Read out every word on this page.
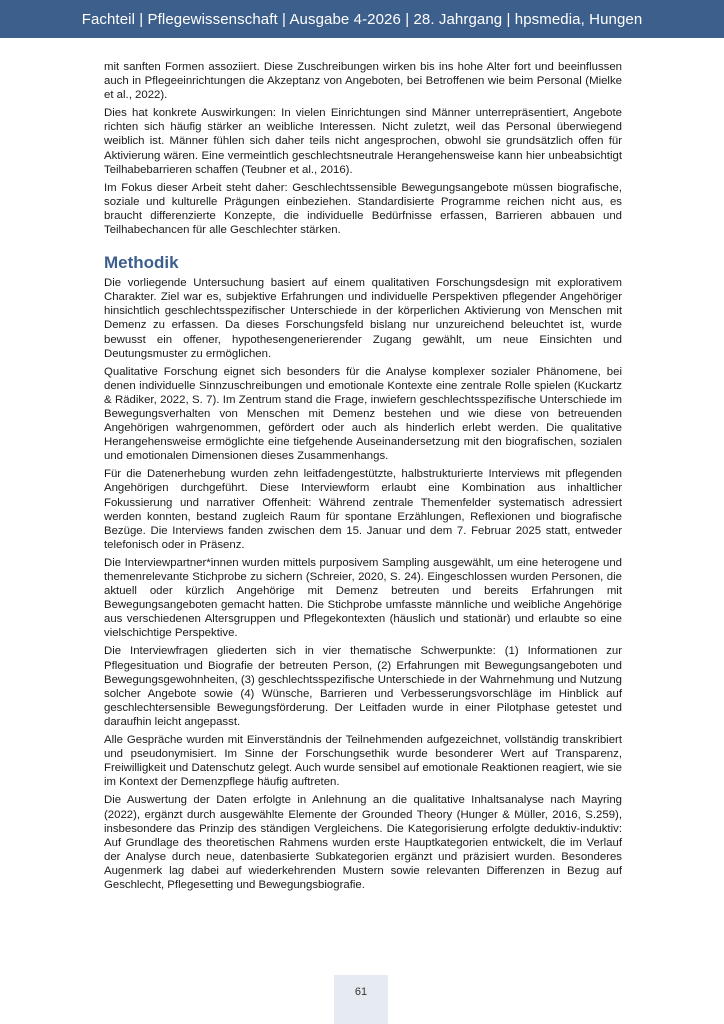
Fachteil | Pflegewissenschaft | Ausgabe 4-2026 | 28. Jahrgang | hpsmedia, Hungen

mit sanften Formen assoziiert. Diese Zuschreibungen wirken bis ins hohe Alter fort und beeinflussen auch in Pflegeeinrichtungen die Akzeptanz von Angeboten, bei Betroffenen wie beim Personal (Mielke et al., 2022).

Dies hat konkrete Auswirkungen: In vielen Einrichtungen sind Männer unterrepräsentiert, Angebote richten sich häufig stärker an weibliche Interessen. Nicht zuletzt, weil das Personal überwiegend weiblich ist. Männer fühlen sich daher teils nicht angesprochen, obwohl sie grundsätzlich offen für Aktivierung wären. Eine vermeintlich geschlechtsneutrale Herangehensweise kann hier unbeabsichtigt Teilhabebarrieren schaffen (Teubner et al., 2016).

Im Fokus dieser Arbeit steht daher: Geschlechtssensible Bewegungsangebote müssen biografische, soziale und kulturelle Prägungen einbeziehen. Standardisierte Programme reichen nicht aus, es braucht differenzierte Konzepte, die individuelle Bedürfnisse erfassen, Barrieren abbauen und Teilhabechancen für alle Geschlechter stärken.

Methodik

Die vorliegende Untersuchung basiert auf einem qualitativen Forschungsdesign mit explorativem Charakter. Ziel war es, subjektive Erfahrungen und individuelle Perspektiven pflegender Angehöriger hinsichtlich geschlechtsspezifischer Unterschiede in der körperlichen Aktivierung von Menschen mit Demenz zu erfassen. Da dieses Forschungsfeld bislang nur unzureichend beleuchtet ist, wurde bewusst ein offener, hypothesengenerierender Zugang gewählt, um neue Einsichten und Deutungsmuster zu ermöglichen.

Qualitative Forschung eignet sich besonders für die Analyse komplexer sozialer Phänomene, bei denen individuelle Sinnzuschreibungen und emotionale Kontexte eine zentrale Rolle spielen (Kuckartz & Rädiker, 2022, S. 7). Im Zentrum stand die Frage, inwiefern geschlechtsspezifische Unterschiede im Bewegungsverhalten von Menschen mit Demenz bestehen und wie diese von betreuenden Angehörigen wahrgenommen, gefördert oder auch als hinderlich erlebt werden. Die qualitative Herangehensweise ermöglichte eine tiefgehende Auseinandersetzung mit den biografischen, sozialen und emotionalen Dimensionen dieses Zusammenhangs.

Für die Datenerhebung wurden zehn leitfadengestützte, halbstrukturierte Interviews mit pflegenden Angehörigen durchgeführt. Diese Interviewform erlaubt eine Kombination aus inhaltlicher Fokussierung und narrativer Offenheit: Während zentrale Themenfelder systematisch adressiert werden konnten, bestand zugleich Raum für spontane Erzählungen, Reflexionen und biografische Bezüge. Die Interviews fanden zwischen dem 15. Januar und dem 7. Februar 2025 statt, entweder telefonisch oder in Präsenz.

Die Interviewpartner*innen wurden mittels purposivem Sampling ausgewählt, um eine heterogene und themenrelevante Stichprobe zu sichern (Schreier, 2020, S. 24). Eingeschlossen wurden Personen, die aktuell oder kürzlich Angehörige mit Demenz betreuten und bereits Erfahrungen mit Bewegungsangeboten gemacht hatten. Die Stichprobe umfasste männliche und weibliche Angehörige aus verschiedenen Altersgruppen und Pflegekontexten (häuslich und stationär) und erlaubte so eine vielschichtige Perspektive.

Die Interviewfragen gliederten sich in vier thematische Schwerpunkte: (1) Informationen zur Pflegesituation und Biografie der betreuten Person, (2) Erfahrungen mit Bewegungsangeboten und Bewegungsgewohnheiten, (3) geschlechtsspezifische Unterschiede in der Wahrnehmung und Nutzung solcher Angebote sowie (4) Wünsche, Barrieren und Verbesserungsvorschläge im Hinblick auf geschlechtersensible Bewegungsförderung. Der Leitfaden wurde in einer Pilotphase getestet und daraufhin leicht angepasst.

Alle Gespräche wurden mit Einverständnis der Teilnehmenden aufgezeichnet, vollständig transkribiert und pseudonymisiert. Im Sinne der Forschungsethik wurde besonderer Wert auf Transparenz, Freiwilligkeit und Datenschutz gelegt. Auch wurde sensibel auf emotionale Reaktionen reagiert, wie sie im Kontext der Demenzpflege häufig auftreten.

Die Auswertung der Daten erfolgte in Anlehnung an die qualitative Inhaltsanalyse nach Mayring (2022), ergänzt durch ausgewählte Elemente der Grounded Theory (Hunger & Müller, 2016, S.259), insbesondere das Prinzip des ständigen Vergleichens. Die Kategorisierung erfolgte deduktiv-induktiv: Auf Grundlage des theoretischen Rahmens wurden erste Hauptkategorien entwickelt, die im Verlauf der Analyse durch neue, datenbasierte Subkategorien ergänzt und präzisiert wurden. Besonderes Augenmerk lag dabei auf wiederkehrenden Mustern sowie relevanten Differenzen in Bezug auf Geschlecht, Pflegesetting und Bewegungsbiografie.

61
